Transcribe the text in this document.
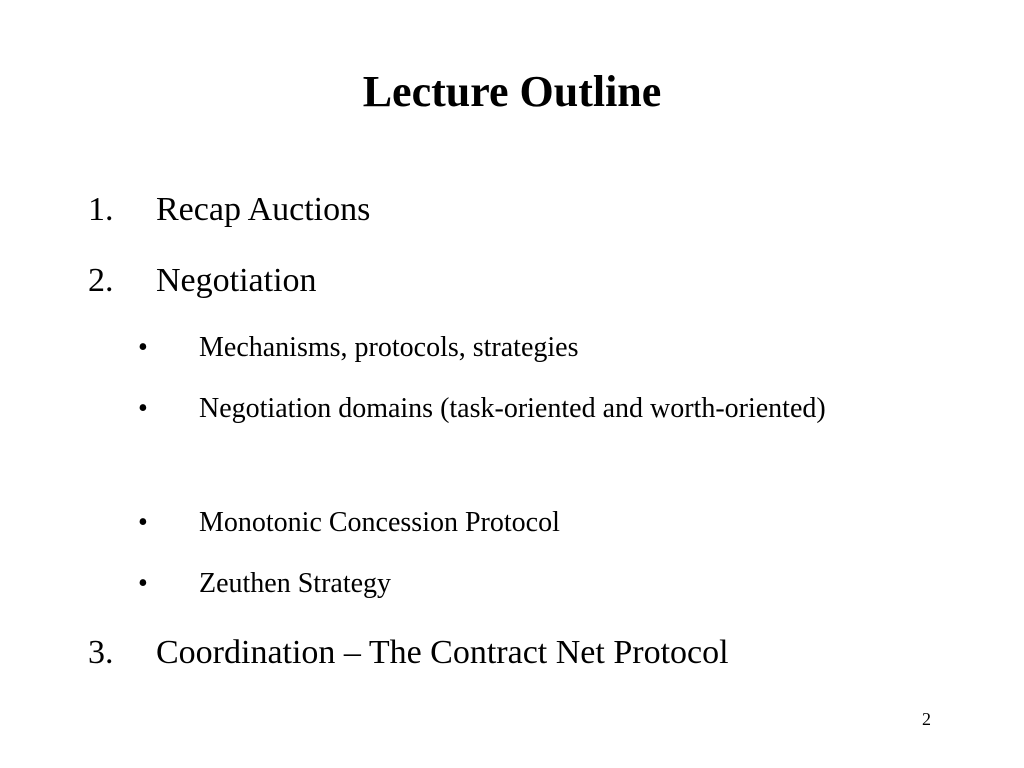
Lecture Outline
1. Recap Auctions
2. Negotiation
• Mechanisms, protocols, strategies
• Negotiation domains (task-oriented and worth-oriented)
• Monotonic Concession Protocol
• Zeuthen Strategy
3. Coordination – The Contract Net Protocol
2
